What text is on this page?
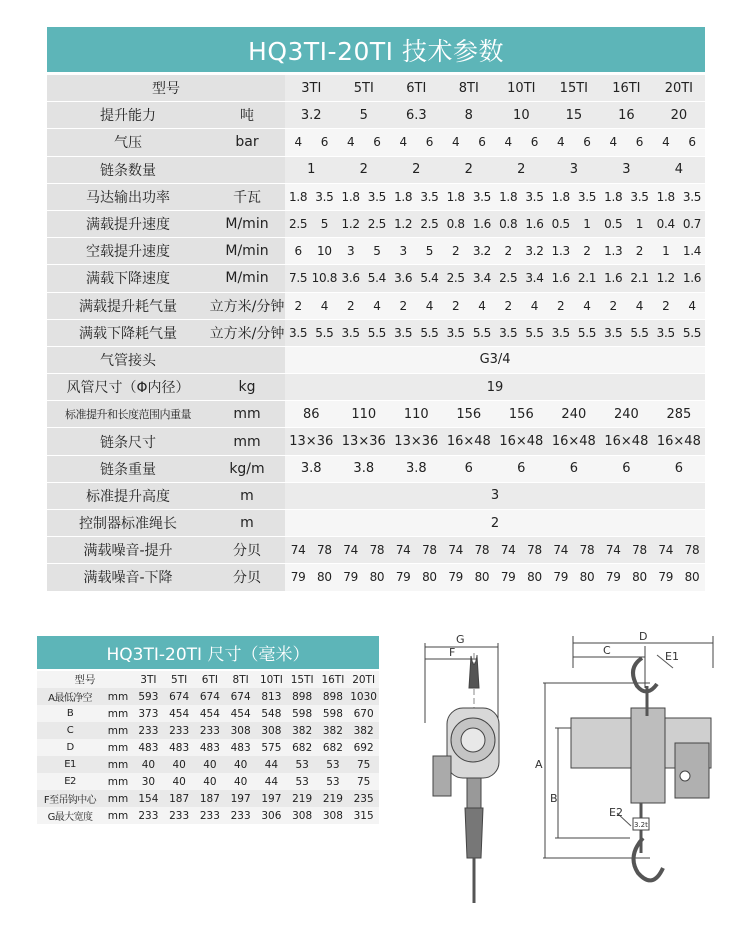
HQ3TI-20TI 技术参数
型号		3TI		5TI		6TI		8TI		10TI		15TI		16TI		20TI	
提升能力	吨	3.2		5		6.3		8		10		15		16		20	
气压	bar	4	6	4	6	4	6	4	6	4	6	4	6	4	6	4	6
链条数量		1		2		2		2		2		3		3		4	
马达输出功率	千瓦	1.8	3.5	1.8	3.5	1.8	3.5	1.8	3.5	1.8	3.5	1.8	3.5	1.8	3.5	1.8	3.5
满载提升速度	M/min	2.5	5	1.2	2.5	1.2	2.5	0.8	1.6	0.8	1.6	0.5	1	0.5	1	0.4	0.7
空载提升速度	M/min	6	10	3	5	3	5	2	3.2	2	3.2	1.3	2	1.3	2	1	1.4
满载下降速度	M/min	7.5	10.8	3.6	5.4	3.6	5.4	2.5	3.4	2.5	3.4	1.6	2.1	1.6	2.1	1.2	1.6
满载提升耗气量	立方米/分钟	2	4	2	4	2	4	2	4	2	4	2	4	2	4	2	4
满载下降耗气量	立方米/分钟	3.5	5.5	3.5	5.5	3.5	5.5	3.5	5.5	3.5	5.5	3.5	5.5	3.5	5.5	3.5	5.5
气管接头		G3/4															
风管尺寸（Φ内径）	kg	19															
标准提升和长度范围内重量	mm	86		110		110		156		156		240		240		285	
链条尺寸	mm	13×36		13×36		13×36		16×48		16×48		16×48		16×48		16×48	
链条重量	kg/m	3.8		3.8		3.8		6		6		6		6		6	
标准提升高度	m	3															
控制器标准绳长	m	2															
满载噪音-提升	分贝	74	78	74	78	74	78	74	78	74	78	74	78	74	78	74	78
满载噪音-下降	分贝	79	80	79	80	79	80	79	80	79	80	79	80	79	80	79	80
HQ3TI-20TI 尺寸（毫米）
型号		3TI	5TI	6TI	8TI	10TI	15TI	16TI	20TI
A最低净空	mm	593	674	674	674	813	898	898	1030
B	mm	373	454	454	454	548	598	598	670
C	mm	233	233	233	308	308	382	382	382
D	mm	483	483	483	483	575	682	682	692
E1	mm	40	40	40	40	44	53	53	75
E2	mm	30	40	40	40	44	53	53	75
F至吊钩中心	mm	154	187	187	197	197	219	219	235
G最大宽度	mm	233	233	233	233	306	308	308	315
G
F
D
C	E1
E2
A
B
3.2t
